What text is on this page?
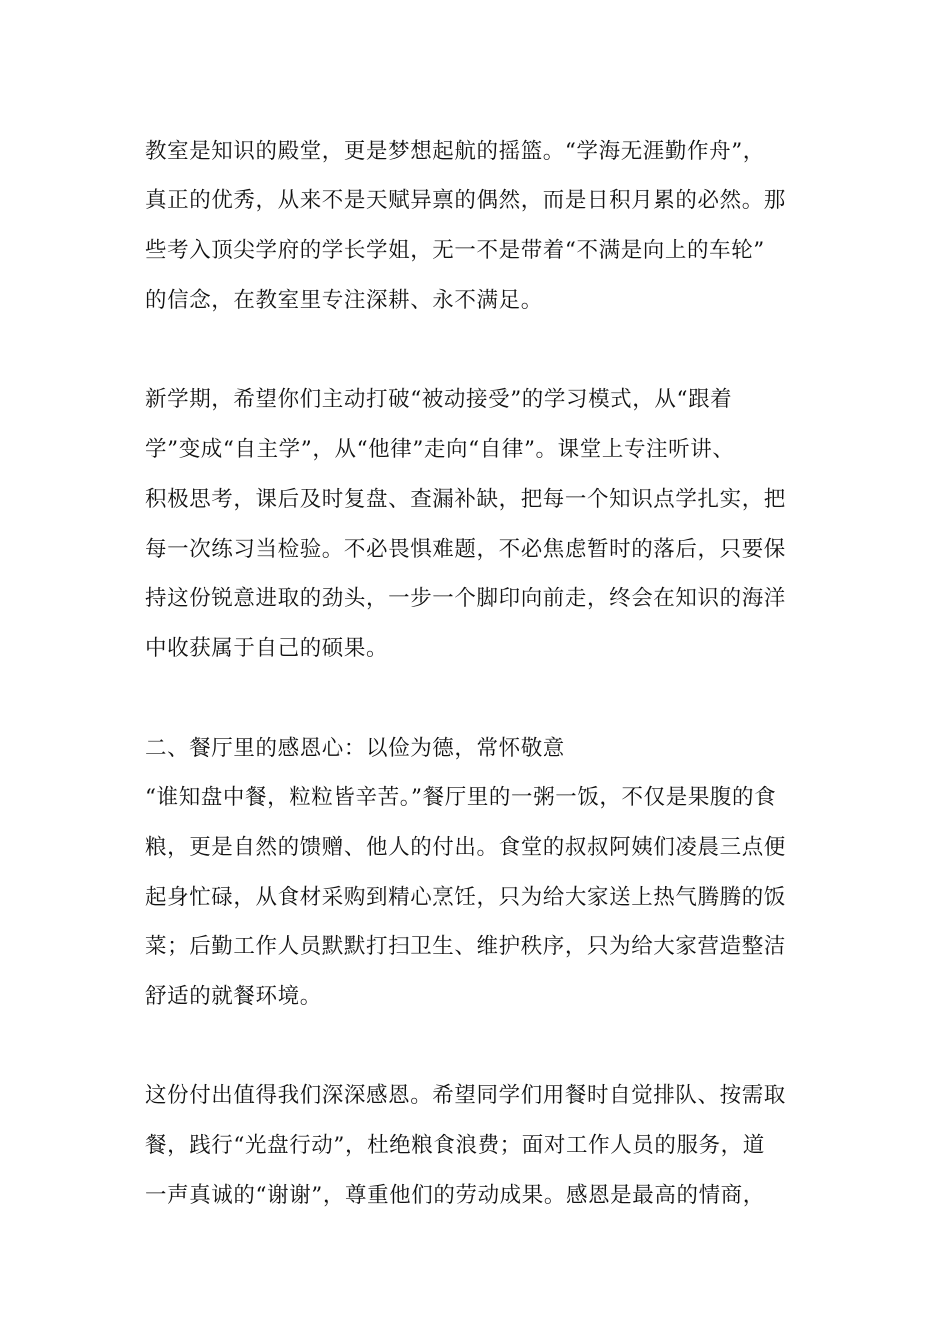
教室是知识的殿堂，更是梦想起航的摇篮。“学海无涯勤作舟”，
真正的优秀，从来不是天赋异禀的偶然，而是日积月累的必然。那
些考入顶尖学府的学长学姐，无一不是带着“不满是向上的车轮”
的信念，在教室里专注深耕、永不满足。
新学期，希望你们主动打破“被动接受”的学习模式，从“跟着
学”变成“自主学”，从“他律”走向“自律”。课堂上专注听讲、
积极思考，课后及时复盘、查漏补缺，把每一个知识点学扎实，把
每一次练习当检验。不必畏惧难题，不必焦虑暂时的落后，只要保
持这份锐意进取的劲头，一步一个脚印向前走，终会在知识的海洋
中收获属于自己的硕果。
二、餐厅里的感恩心：以俭为德，常怀敬意
“谁知盘中餐，粒粒皆辛苦。”餐厅里的一粥一饭，不仅是果腹的食
粮，更是自然的馈赠、他人的付出。食堂的叔叔阿姨们凌晨三点便
起身忙碌，从食材采购到精心烹饪，只为给大家送上热气腾腾的饭
菜；后勤工作人员默默打扫卫生、维护秩序，只为给大家营造整洁
舒适的就餐环境。
这份付出值得我们深深感恩。希望同学们用餐时自觉排队、按需取
餐，践行“光盘行动”，杜绝粮食浪费；面对工作人员的服务，道
一声真诚的“谢谢”，尊重他们的劳动成果。感恩是最高的情商，
